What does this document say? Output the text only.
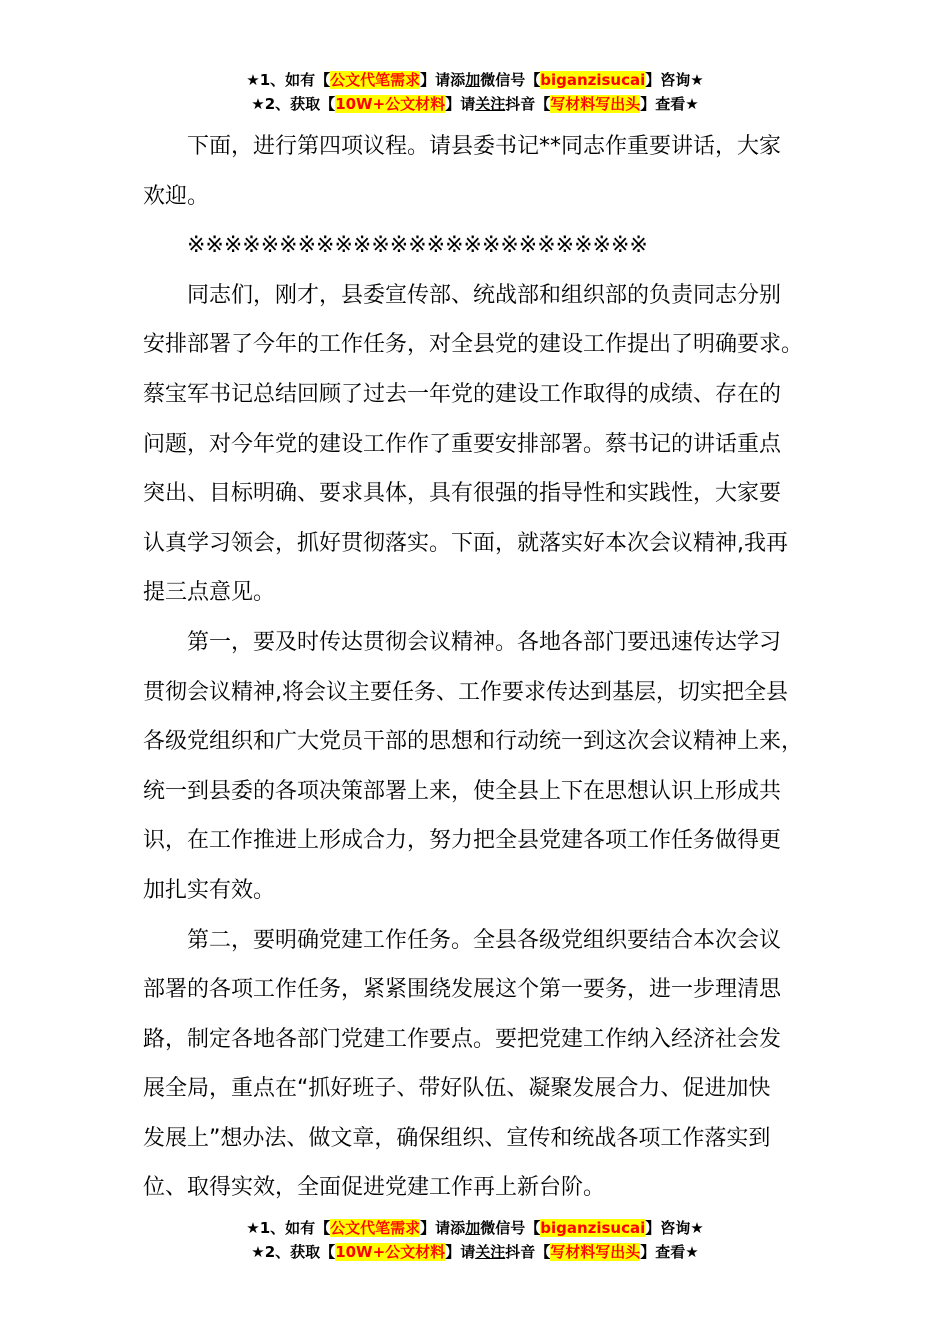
★1、如有【公文代笔需求】请添加微信号【biganzisucai】咨询★
★2、获取【10W+公文材料】请关注抖音【写材料写出头】查看★

下面，进行第四项议程。请县委书记**同志作重要讲话，大家
欢迎。

※※※※※※※※※※※※※※※※※※※※※※※※※

同志们，刚才，县委宣传部、统战部和组织部的负责同志分别
安排部署了今年的工作任务，对全县党的建设工作提出了明确要求。
蔡宝军书记总结回顾了过去一年党的建设工作取得的成绩、存在的
问题，对今年党的建设工作作了重要安排部署。蔡书记的讲话重点
突出、目标明确、要求具体，具有很强的指导性和实践性，大家要
认真学习领会，抓好贯彻落实。下面，就落实好本次会议精神,我再
提三点意见。

第一，要及时传达贯彻会议精神。各地各部门要迅速传达学习
贯彻会议精神,将会议主要任务、工作要求传达到基层，切实把全县
各级党组织和广大党员干部的思想和行动统一到这次会议精神上来，
统一到县委的各项决策部署上来，使全县上下在思想认识上形成共
识，在工作推进上形成合力，努力把全县党建各项工作任务做得更
加扎实有效。

第二，要明确党建工作任务。全县各级党组织要结合本次会议
部署的各项工作任务，紧紧围绕发展这个第一要务，进一步理清思
路，制定各地各部门党建工作要点。要把党建工作纳入经济社会发
展全局，重点在“抓好班子、带好队伍、凝聚发展合力、促进加快
发展上”想办法、做文章，确保组织、宣传和统战各项工作落实到
位、取得实效，全面促进党建工作再上新台阶。

★1、如有【公文代笔需求】请添加微信号【biganzisucai】咨询★
★2、获取【10W+公文材料】请关注抖音【写材料写出头】查看★
